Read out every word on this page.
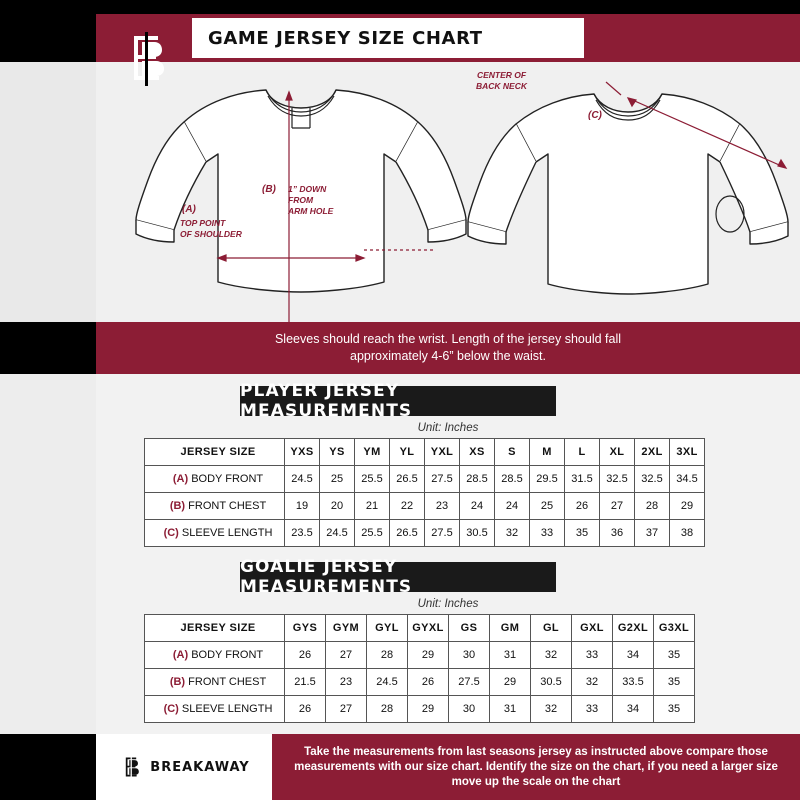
GAME JERSEY SIZE CHART
CENTER OF
BACK NECK
1” DOWN
FROM
ARM HOLE
TOP POINT
OF SHOULDER
(A)
(B)
(C)
Sleeves should reach the wrist. Length of the jersey should fall
approximately 4-6” below the waist.
PLAYER JERSEY MEASUREMENTS
Unit: Inches
JERSEY SIZE	YXS	YS	YM	YL	YXL	XS	S	M	L	XL	2XL	3XL
(A) BODY FRONT	24.5	25	25.5	26.5	27.5	28.5	28.5	29.5	31.5	32.5	32.5	34.5
(B) FRONT CHEST	19	20	21	22	23	24	24	25	26	27	28	29
(C) SLEEVE LENGTH	23.5	24.5	25.5	26.5	27.5	30.5	32	33	35	36	37	38
GOALIE JERSEY MEASUREMENTS
Unit: Inches
JERSEY SIZE	GYS	GYM	GYL	GYXL	GS	GM	GL	GXL	G2XL	G3XL
(A) BODY FRONT	26	27	28	29	30	31	32	33	34	35
(B) FRONT CHEST	21.5	23	24.5	26	27.5	29	30.5	32	33.5	35
(C) SLEEVE LENGTH	26	27	28	29	30	31	32	33	34	35
BREAKAWAY

Take the measurements from last seasons jersey as instructed above compare those measurements with our size chart. Identify the size on the chart, if you need a larger size move up the scale on the chart
